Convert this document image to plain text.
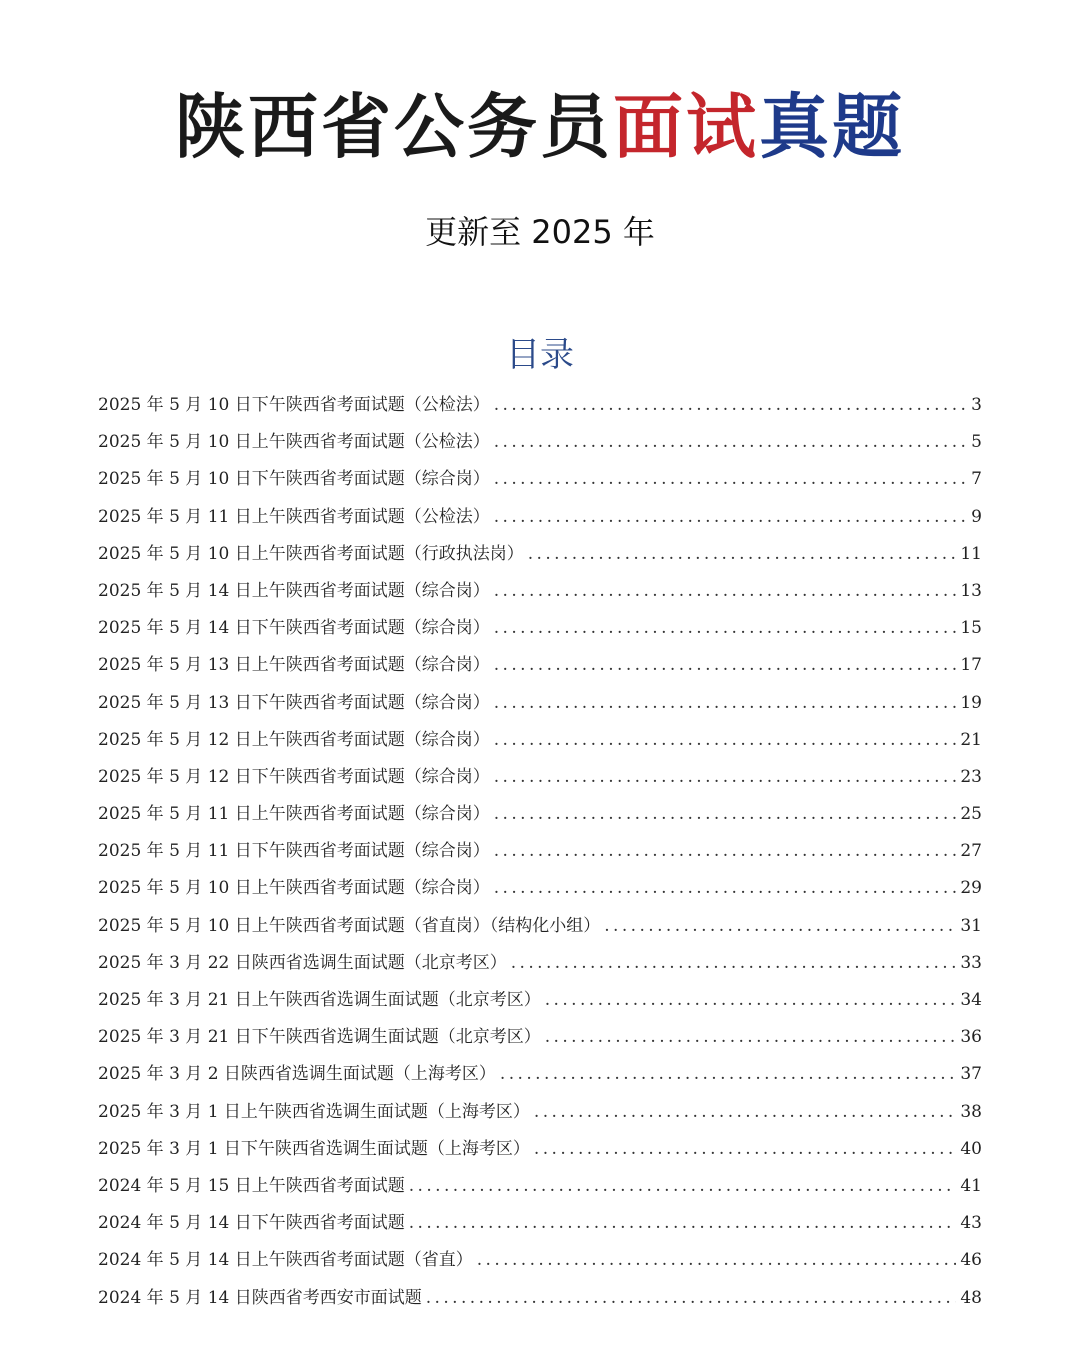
陕西省公务员面试真题
更新至 2025 年
目录
2025 年 5 月 10 日下午陕西省考面试题（公检法） . . .	3
2025 年 5 月 10 日上午陕西省考面试题（公检法） . . .	5
2025 年 5 月 10 日下午陕西省考面试题（综合岗） . . .	7
2025 年 5 月 11 日上午陕西省考面试题（公检法） . . .	9
2025 年 5 月 10 日上午陕西省考面试题（行政执法岗） . . .	11
2025 年 5 月 14 日上午陕西省考面试题（综合岗） . . .	13
2025 年 5 月 14 日下午陕西省考面试题（综合岗） . . .	15
2025 年 5 月 13 日上午陕西省考面试题（综合岗） . . .	17
2025 年 5 月 13 日下午陕西省考面试题（综合岗） . . .	19
2025 年 5 月 12 日上午陕西省考面试题（综合岗） . . .	21
2025 年 5 月 12 日下午陕西省考面试题（综合岗） . . .	23
2025 年 5 月 11 日上午陕西省考面试题（综合岗） . . .	25
2025 年 5 月 11 日下午陕西省考面试题（综合岗） . . .	27
2025 年 5 月 10 日上午陕西省考面试题（综合岗） . . .	29
2025 年 5 月 10 日上午陕西省考面试题（省直岗）（结构化小组） . . .	31
2025 年 3 月 22 日陕西省选调生面试题（北京考区） . . .	33
2025 年 3 月 21 日上午陕西省选调生面试题（北京考区） . . .	34
2025 年 3 月 21 日下午陕西省选调生面试题（北京考区） . . .	36
2025 年 3 月 2 日陕西省选调生面试题（上海考区） . . .	37
2025 年 3 月 1 日上午陕西省选调生面试题（上海考区） . . .	38
2025 年 3 月 1 日下午陕西省选调生面试题（上海考区） . . .	40
2024 年 5 月 15 日上午陕西省考面试题 . . .	41
2024 年 5 月 14 日下午陕西省考面试题 . . .	43
2024 年 5 月 14 日上午陕西省考面试题（省直） . . .	46
2024 年 5 月 14 日陕西省考西安市面试题 . . .	48
